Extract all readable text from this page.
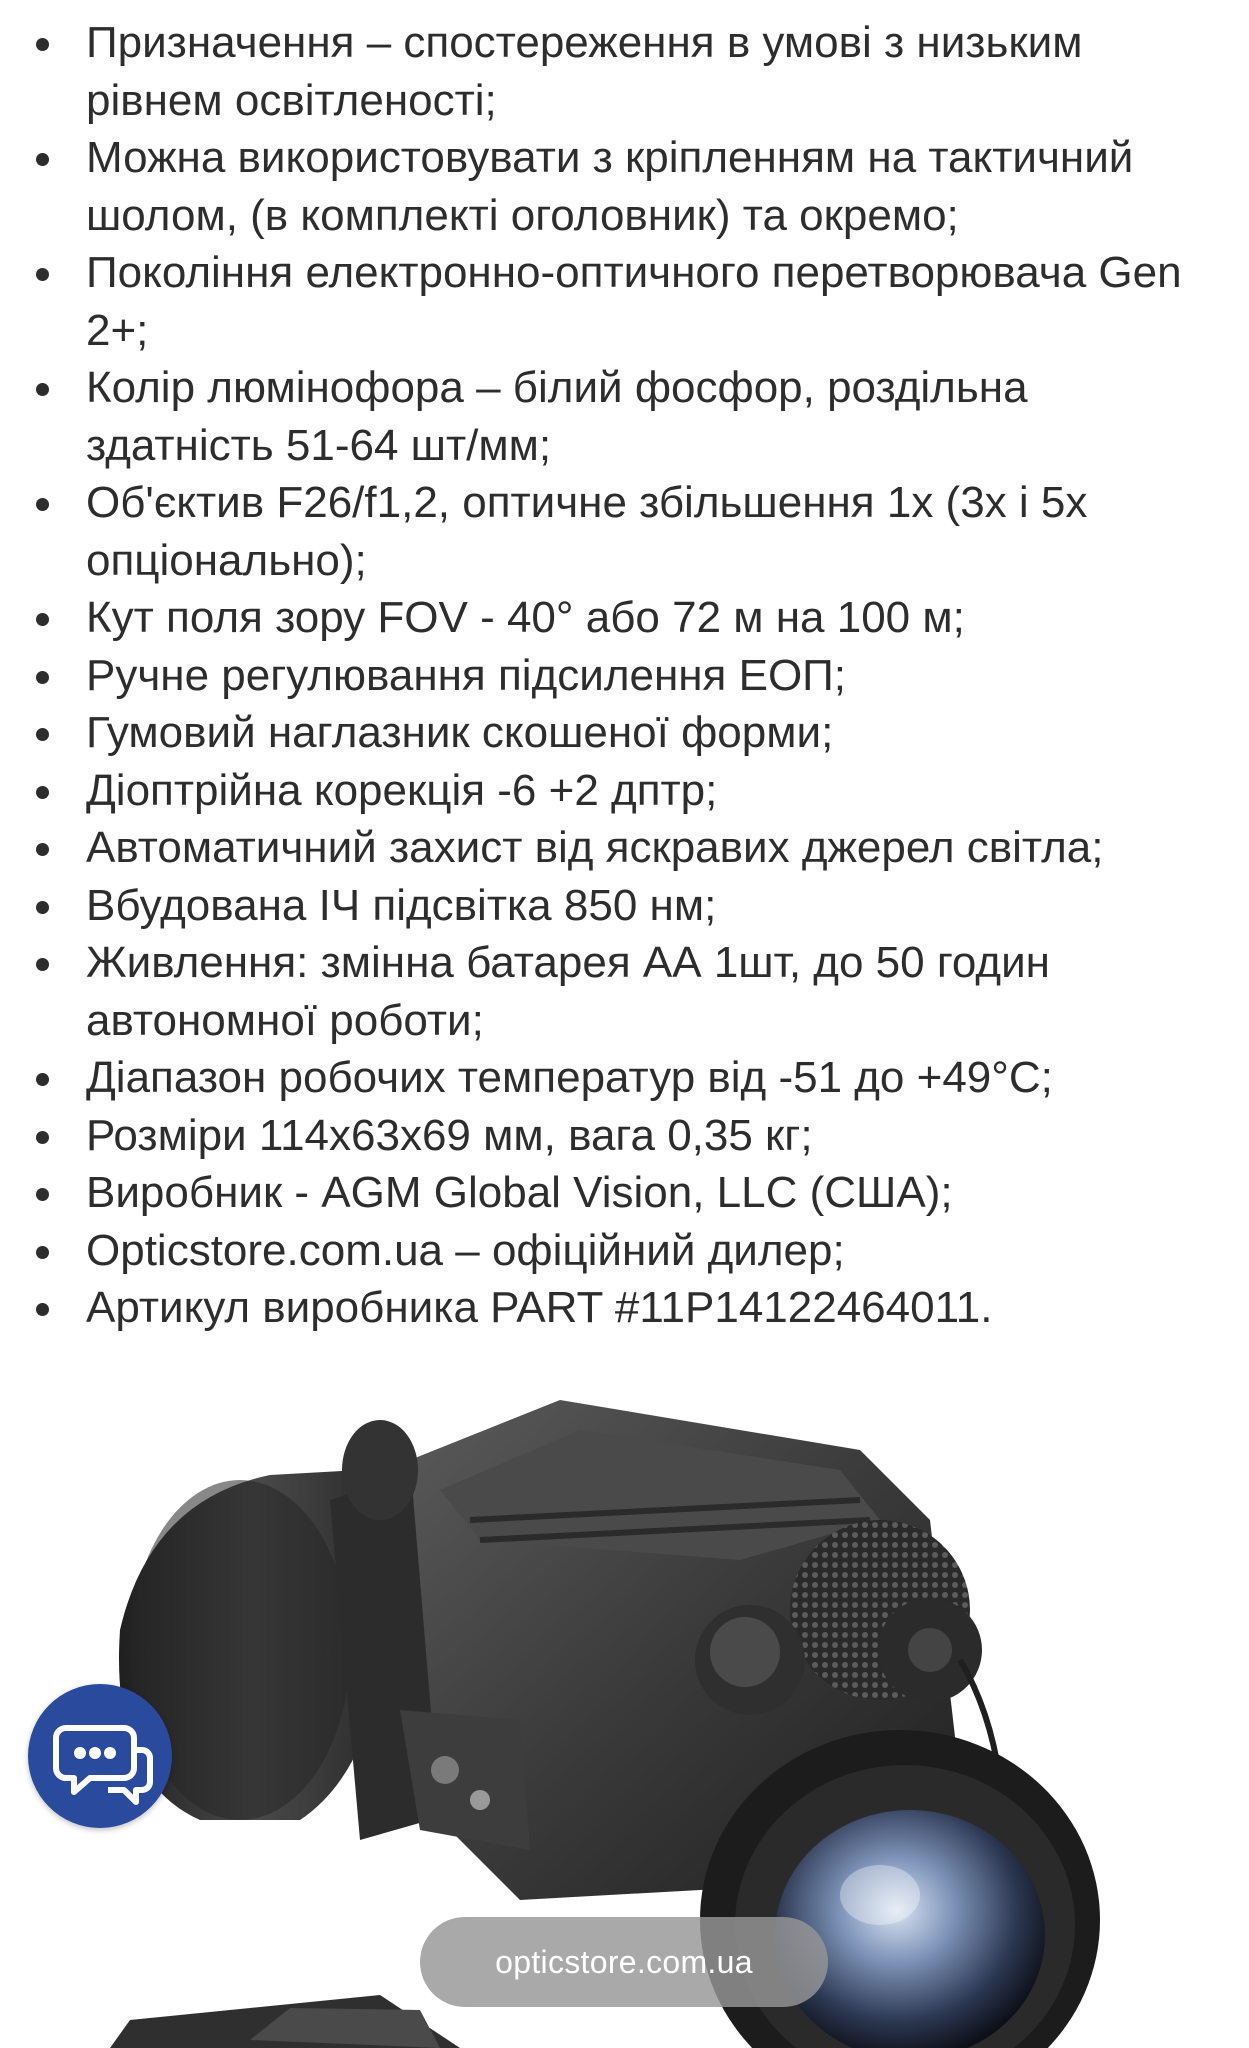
Призначення – спостереження в умові з низьким рівнем освітленості;
Можна використовувати з кріпленням на тактичний шолом, (в комплекті оголовник) та окремо;
Покоління електронно-оптичного перетворювача Gen 2+;
Колір люмінофора – білий фосфор, роздільна здатність 51-64 шт/мм;
Об'єктив F26/f1,2, оптичне збільшення 1x (3x і 5x опціонально);
Кут поля зору FOV - 40° або 72 м на 100 м;
Ручне регулювання підсилення ЕОП;
Гумовий наглазник скошеної форми;
Діоптрійна корекція -6 +2 дптр;
Автоматичний захист від яскравих джерел світла;
Вбудована ІЧ підсвітка 850 нм;
Живлення: змінна батарея АА 1шт, до 50 годин автономної роботи;
Діапазон робочих температур від -51 до +49°C;
Розміри 114x63x69 мм, вага 0,35 кг;
Виробник - AGM Global Vision, LLC (США);
Opticstore.com.ua – офіційний дилер;
Артикул виробника PART #11P14122464011.
opticstore.com.ua
